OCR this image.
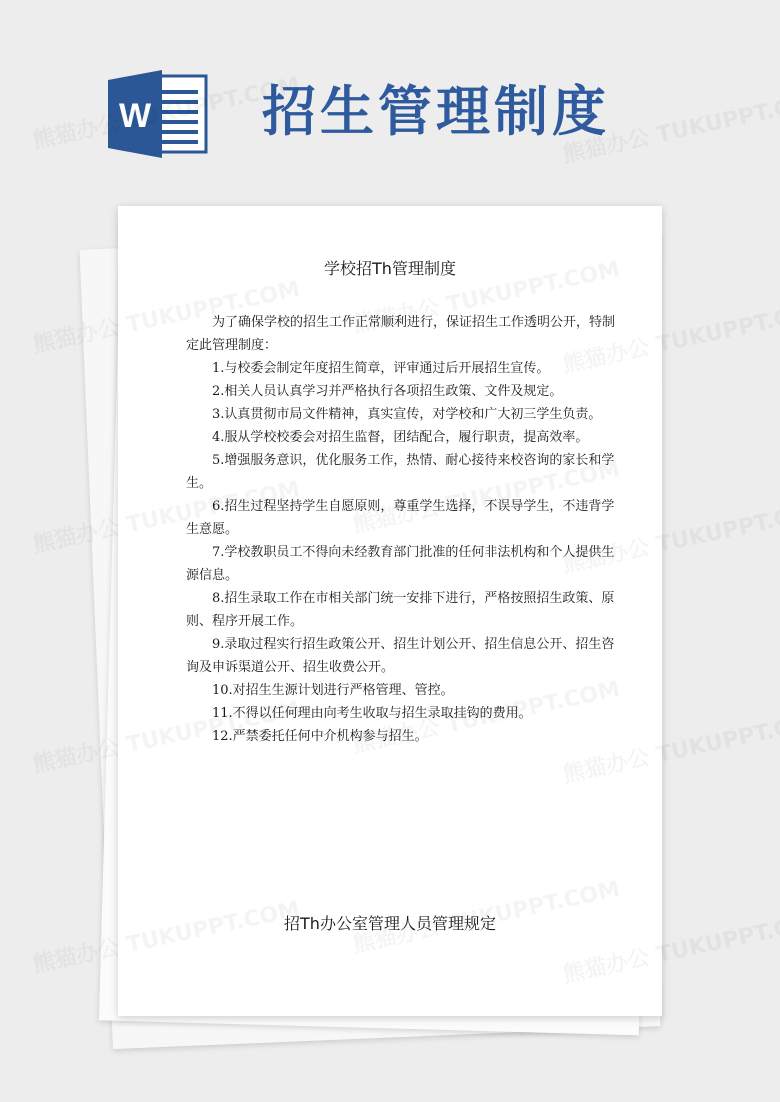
W 招生管理制度
学校招Th管理制度

为了确保学校的招生工作正常顺利进行，保证招生工作透明公开，特制定此管理制度：

1.与校委会制定年度招生简章，评审通过后开展招生宣传。

2.相关人员认真学习并严格执行各项招生政策、文件及规定。

3.认真贯彻市局文件精神，真实宣传，对学校和广大初三学生负责。

4.服从学校校委会对招生监督，团结配合，履行职责，提高效率。

5.增强服务意识，优化服务工作，热情、耐心接待来校咨询的家长和学生。

6.招生过程坚持学生自愿原则，尊重学生选择，不误导学生，不违背学生意愿。

7.学校教职员工不得向未经教育部门批准的任何非法机构和个人提供生源信息。

8.招生录取工作在市相关部门统一安排下进行，严格按照招生政策、原则、程序开展工作。

9.录取过程实行招生政策公开、招生计划公开、招生信息公开、招生咨询及申诉渠道公开、招生收费公开。

10.对招生生源计划进行严格管理、管控。

11.不得以任何理由向考生收取与招生录取挂钩的费用。

12.严禁委托任何中介机构参与招生。

招Th办公室管理人员管理规定
